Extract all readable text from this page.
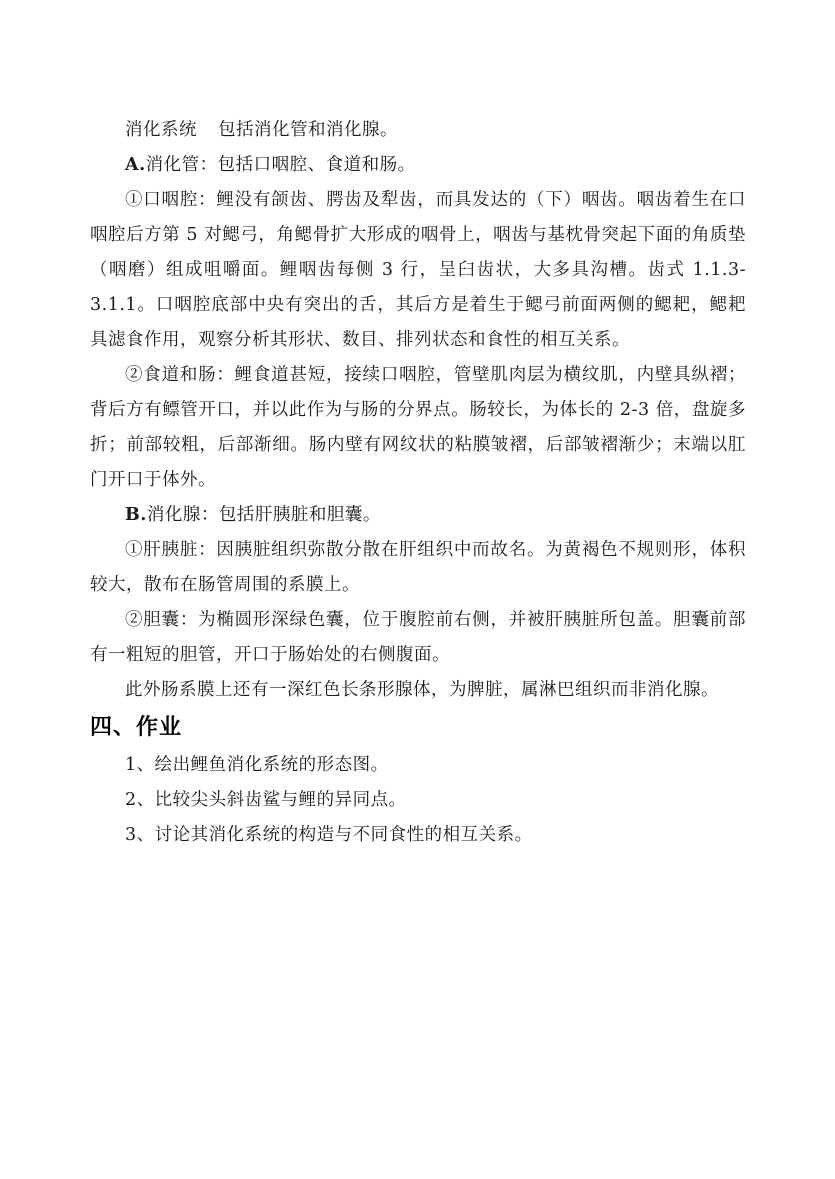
消化系统 包括消化管和消化腺。

A.消化管：包括口咽腔、食道和肠。

①口咽腔：鲤没有颌齿、腭齿及犁齿，而具发达的（下）咽齿。咽齿着生在口咽腔后方第 5 对鳃弓，角鳃骨扩大形成的咽骨上，咽齿与基枕骨突起下面的角质垫（咽磨）组成咀嚼面。鲤咽齿每侧 3 行，呈臼齿状，大多具沟槽。齿式 1.1.3-3.1.1。口咽腔底部中央有突出的舌，其后方是着生于鳃弓前面两侧的鳃耙，鳃耙具滤食作用，观察分析其形状、数目、排列状态和食性的相互关系。

②食道和肠：鲤食道甚短，接续口咽腔，管壁肌肉层为横纹肌，内壁具纵褶；背后方有鳔管开口，并以此作为与肠的分界点。肠较长，为体长的 2-3 倍，盘旋多折；前部较粗，后部渐细。肠内壁有网纹状的粘膜皱褶，后部皱褶渐少；末端以肛门开口于体外。

B.消化腺：包括肝胰脏和胆囊。

①肝胰脏：因胰脏组织弥散分散在肝组织中而故名。为黄褐色不规则形，体积较大，散布在肠管周围的系膜上。

②胆囊：为椭圆形深绿色囊，位于腹腔前右侧，并被肝胰脏所包盖。胆囊前部有一粗短的胆管，开口于肠始处的右侧腹面。

此外肠系膜上还有一深红色长条形腺体，为脾脏，属淋巴组织而非消化腺。

四、作业

1、绘出鲤鱼消化系统的形态图。

2、比较尖头斜齿鲨与鲤的异同点。

3、讨论其消化系统的构造与不同食性的相互关系。
